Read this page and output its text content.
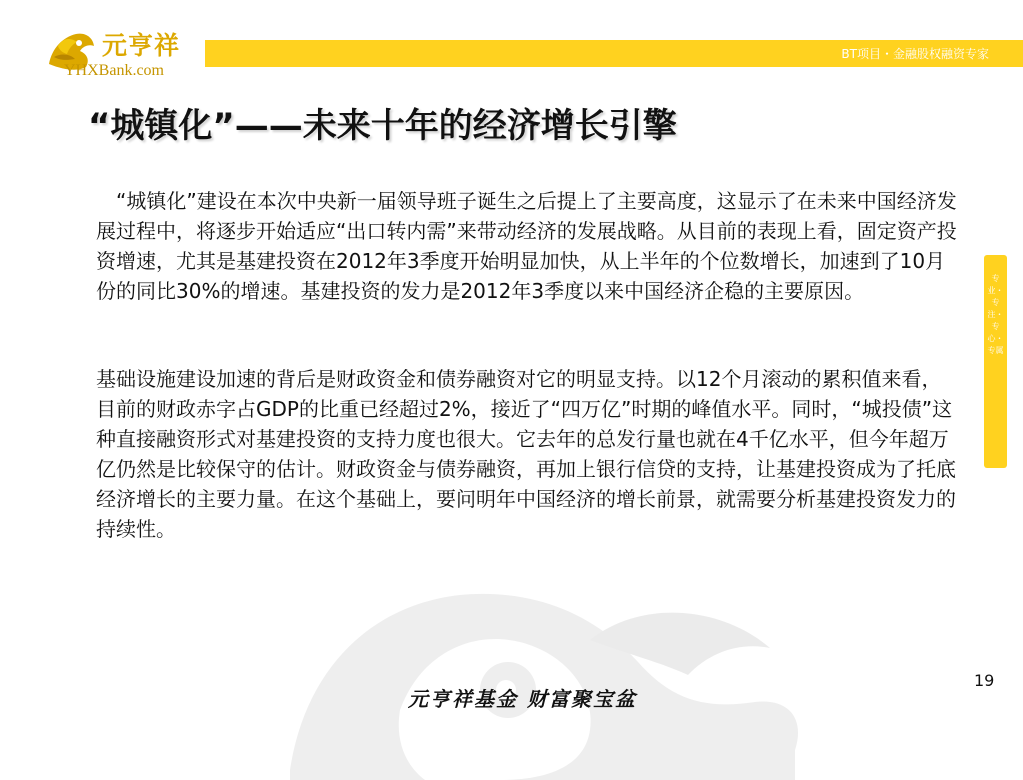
元亨祥
YHXBank.com
BT项目・金融股权融资专家
“城镇化”——未来十年的经济增长引擎

“城镇化”建设在本次中央新一届领导班子诞生之后提上了主要高度，这显示了在未来中国经济发展过程中，将逐步开始适应“出口转内需”来带动经济的发展战略。从目前的表现上看，固定资产投资增速，尤其是基建投资在2012年3季度开始明显加快，从上半年的个位数增长，加速到了10月份的同比30%的增速。基建投资的发力是2012年3季度以来中国经济企稳的主要原因。

基础设施建设加速的背后是财政资金和债券融资对它的明显支持。以12个月滚动的累积值来看，目前的财政赤字占GDP的比重已经超过2%，接近了“四万亿”时期的峰值水平。同时，“城投债”这种直接融资形式对基建投资的支持力度也很大。它去年的总发行量也就在4千亿水平，但今年超万亿仍然是比较保守的估计。财政资金与债券融资，再加上银行信贷的支持，让基建投资成为了托底经济增长的主要力量。在这个基础上，要问明年中国经济的增长前景，就需要分析基建投资发力的持续性。

专业・专注・专心・专属
19
元亨祥基金 财富聚宝盆
